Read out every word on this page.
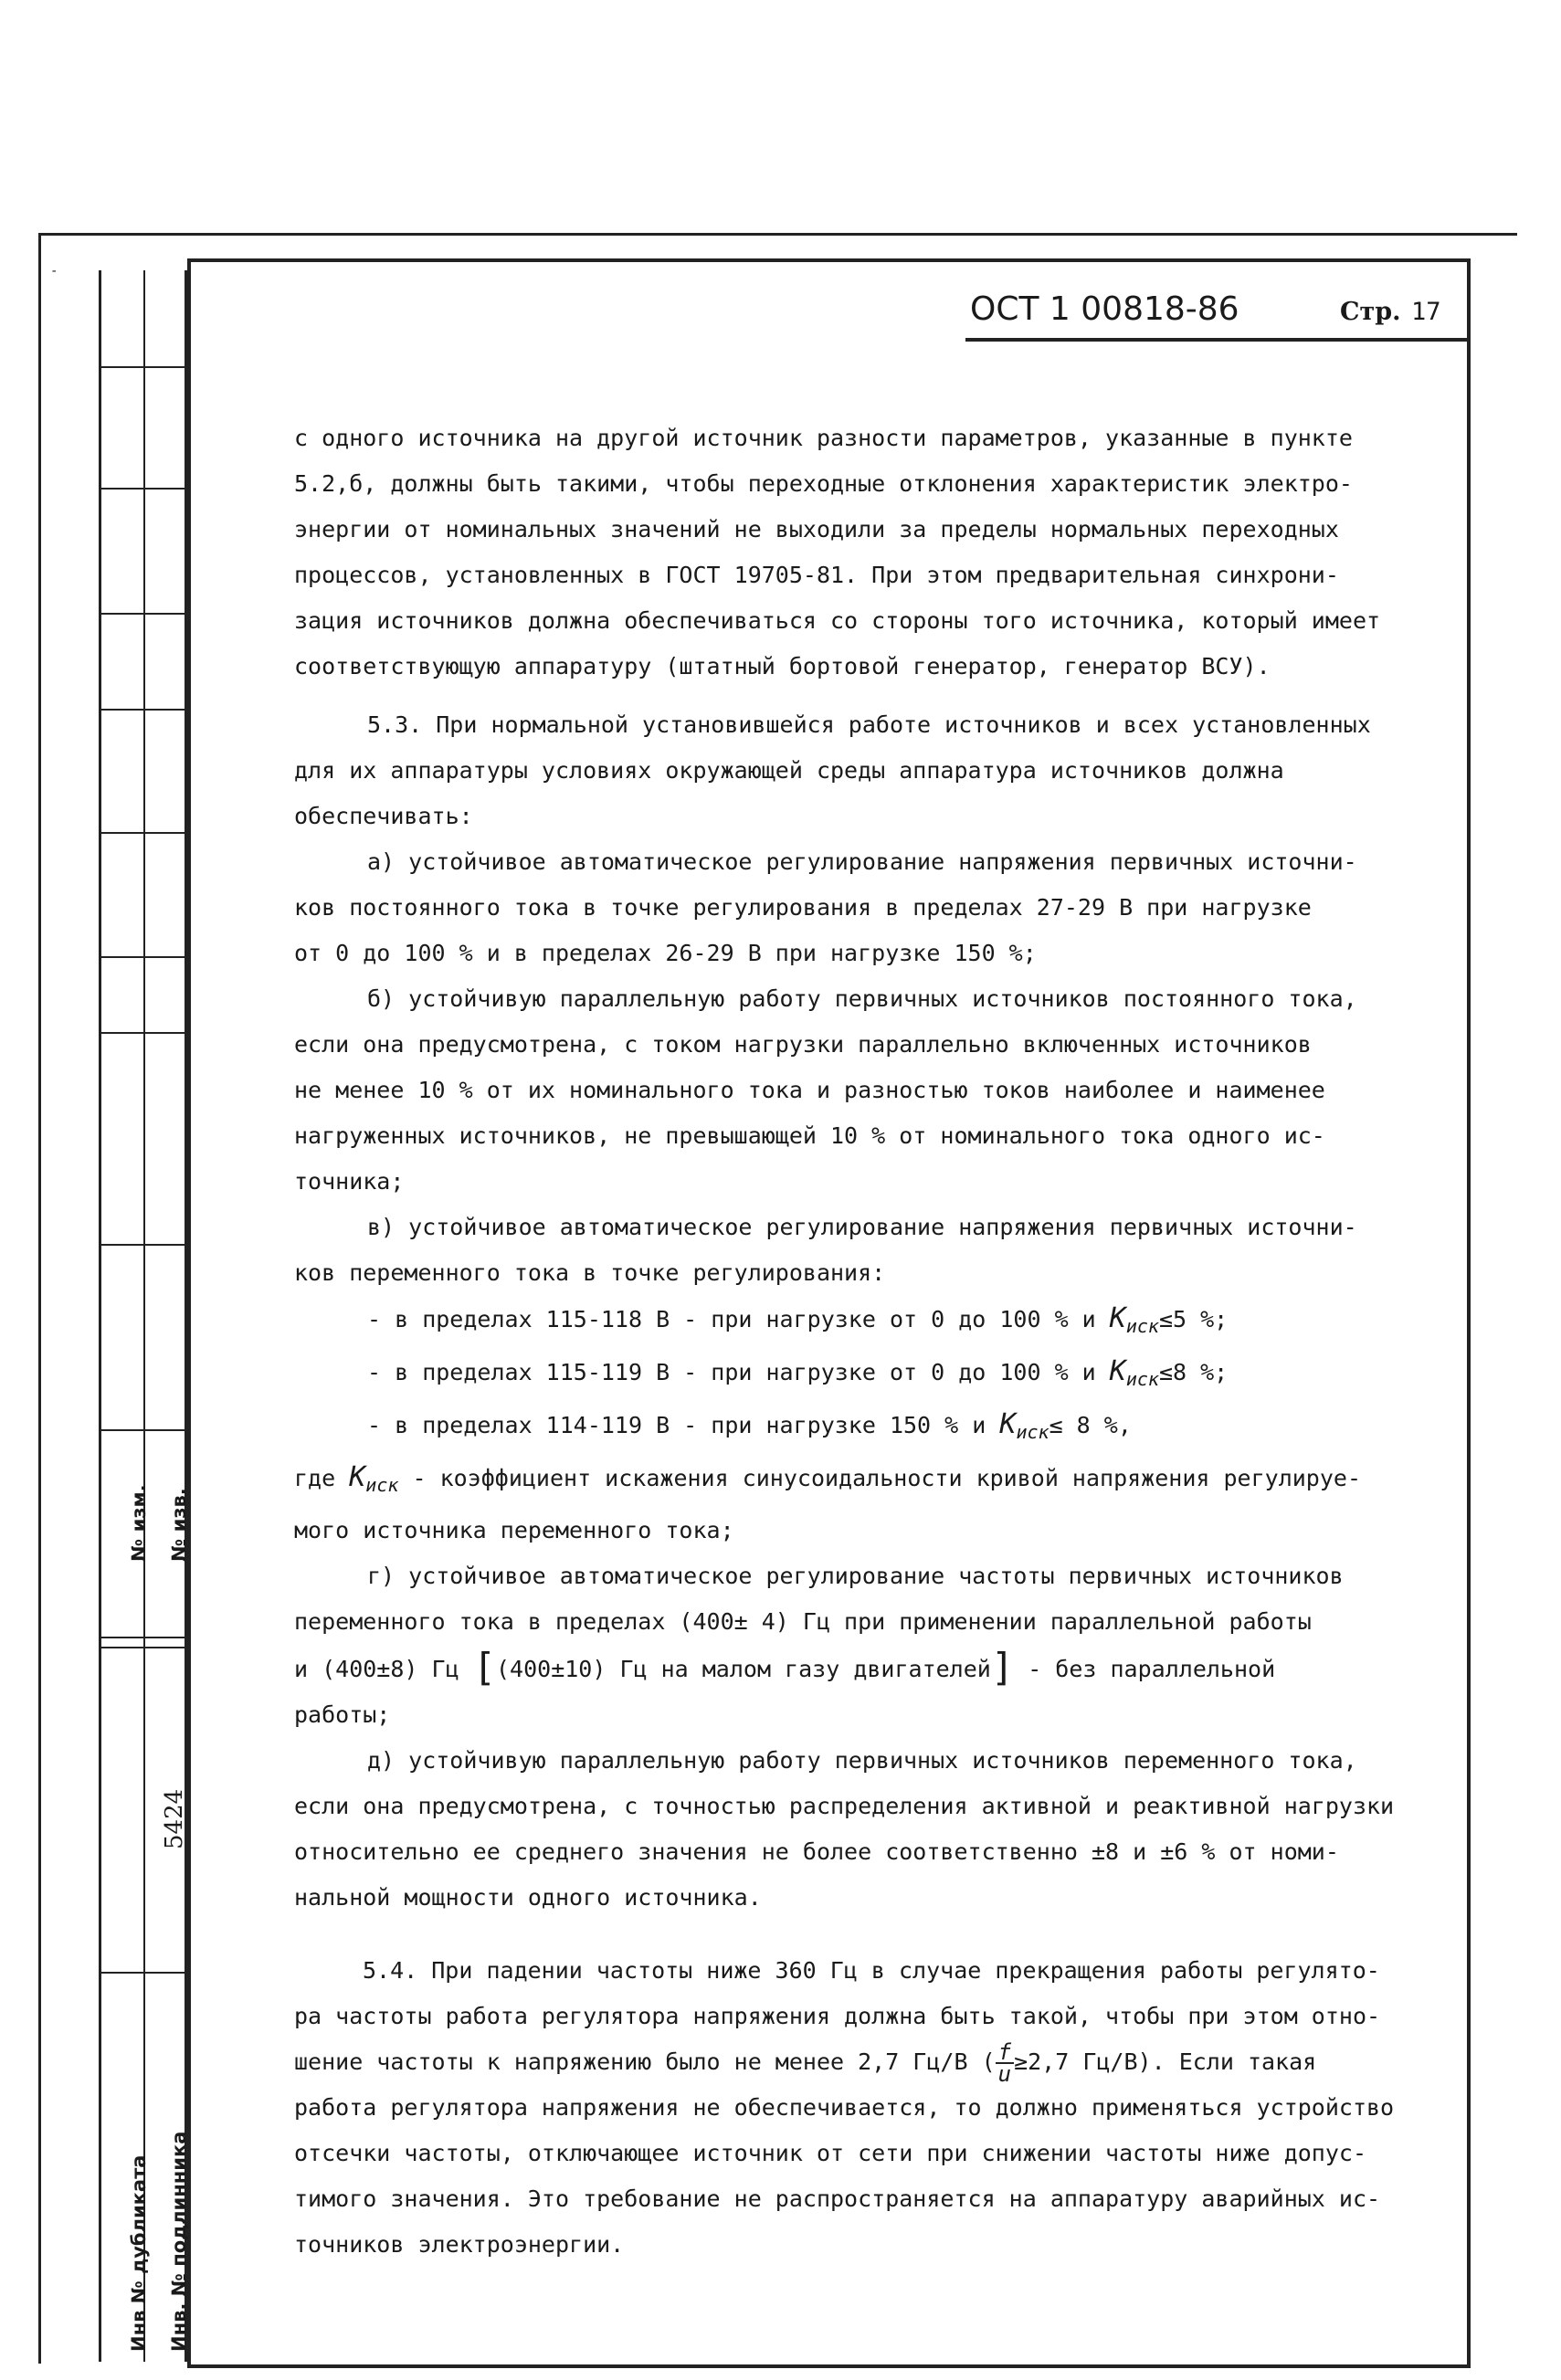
-
№ изм. № изв.
5424
Инв № дубликата Инв. № подлинника
ОСТ 1 00818-86	Стр. 17

с одного источника на другой источник разности параметров, указанные в пункте

5.2,б, должны быть такими, чтобы переходные отклонения характеристик электро-

энергии от номинальных значений не выходили за пределы нормальных переходных

процессов, установленных в ГОСТ 19705-81. При этом предварительная синхрони-

зация источников должна обеспечиваться со стороны того источника, который имеет

соответствующую аппаратуру (штатный бортовой генератор, генератор ВСУ).

5.3. При нормальной установившейся работе источников и всех установленных

для их аппаратуры условиях окружающей среды аппаратура источников должна

обеспечивать:

а) устойчивое автоматическое регулирование напряжения первичных источни-

ков постоянного тока в точке регулирования в пределах 27-29 В при нагрузке

от 0 до 100 % и в пределах 26-29 В при нагрузке 150 %;

б) устойчивую параллельную работу первичных источников постоянного тока,

если она предусмотрена, с током нагрузки параллельно включенных источников

не менее 10 % от их номинального тока и разностью токов наиболее и наименее

нагруженных источников, не превышающей 10 % от номинального тока одного ис-

точника;

в) устойчивое автоматическое регулирование напряжения первичных источни-

ков переменного тока в точке регулирования:

- в пределах 115-118 В - при нагрузке от 0 до 100 % и $K_{иск}\le 5$ %;

- в пределах 115-119 В - при нагрузке от 0 до 100 % и $K_{иск}\le 8$ %;

- в пределах 114-119 В - при нагрузке 150 % и $K_{иск}\le 8$ %,

где $K_{иск}$ - коэффициент искажения синусоидальности кривой напряжения регулируе-

мого источника переменного тока;

г) устойчивое автоматическое регулирование частоты первичных источников

переменного тока в пределах (400± 4) Гц при применении параллельной работы

и (400±8) Гц [(400±10) Гц на малом газу двигателей] - без параллельной

работы;

д) устойчивую параллельную работу первичных источников переменного тока,

если она предусмотрена, с точностью распределения активной и реактивной нагрузки

относительно ее среднего значения не более соответственно ±8 и ±6 % от номи-

нальной мощности одного источника.

5.4. При падении частоты ниже 360 Гц в случае прекращения работы регулято-

ра частоты работа регулятора напряжения должна быть такой, чтобы при этом отно-

шение частоты к напряжению было не менее 2,7 Гц/В ( $\frac{f}{u} \ge 2,7$ Гц/В). Если такая

работа регулятора напряжения не обеспечивается, то должно применяться устройство

отсечки частоты, отключающее источник от сети при снижении частоты ниже допус-

тимого значения. Это требование не распространяется на аппаратуру аварийных ис-

точников электроэнергии.
